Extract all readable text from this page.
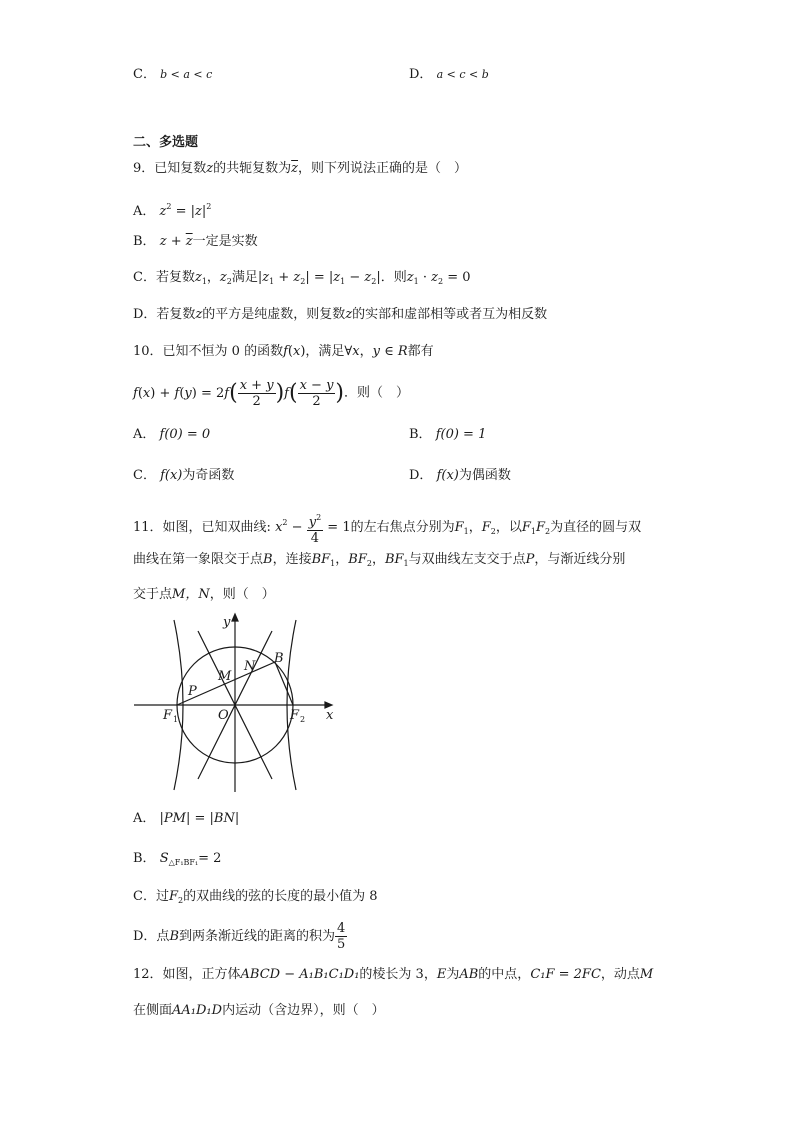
C． b < a < c	D． a < c < b
二、多选题
9．已知复数z的共轭复数为$\overline{z}$，则下列说法正确的是（　）
A． $z^2 = |z|^2$
B． $z + \overline{z}$一定是实数
C．若复数$z_1$，$z_2$满足$|z_1 + z_2| = |z_1 - z_2|$．则$z_1 \cdot z_2 = 0$
D．若复数z的平方是纯虚数，则复数z的实部和虚部相等或者互为相反数
10．已知不恒为 0 的函数f(x)，满足∀x，y ∈ R都有
$f(x) + f(y) = 2f( \frac{x + y}{2} )f( \frac{x - y}{2}$ )．则（　）
A． f(0) = 0	B． f(0) = 1
C． f(x)为奇函数	D． f(x)为偶函数
11．如图，已知双曲线: $x^2 - \frac{y^2}{4} = 1$的左右焦点分别为$F_1$，$F_2$，以$F_1F_2$为直径的圆与双
曲线在第一象限交于点B，连接$BF_1$，$BF_2$，$BF_1$与双曲线左支交于点P，与渐近线分别
交于点M，N，则（　）
y
x
O
F 1	F 2
M
N
B
P
A． |PM| = |BN|
B． $S_{\triangle F_1BF_1}= 2$
C．过$F_2$的双曲线的弦的长度的最小值为 8
D．点B到两条渐近线的距离的积为 $\frac{4}{5}$
12．如图，正方体ABCD − A₁B₁C₁D₁的棱长为 3，E为AB的中点，C₁F = 2FC，动点M
在侧面AA₁D₁D内运动（含边界），则（　）
